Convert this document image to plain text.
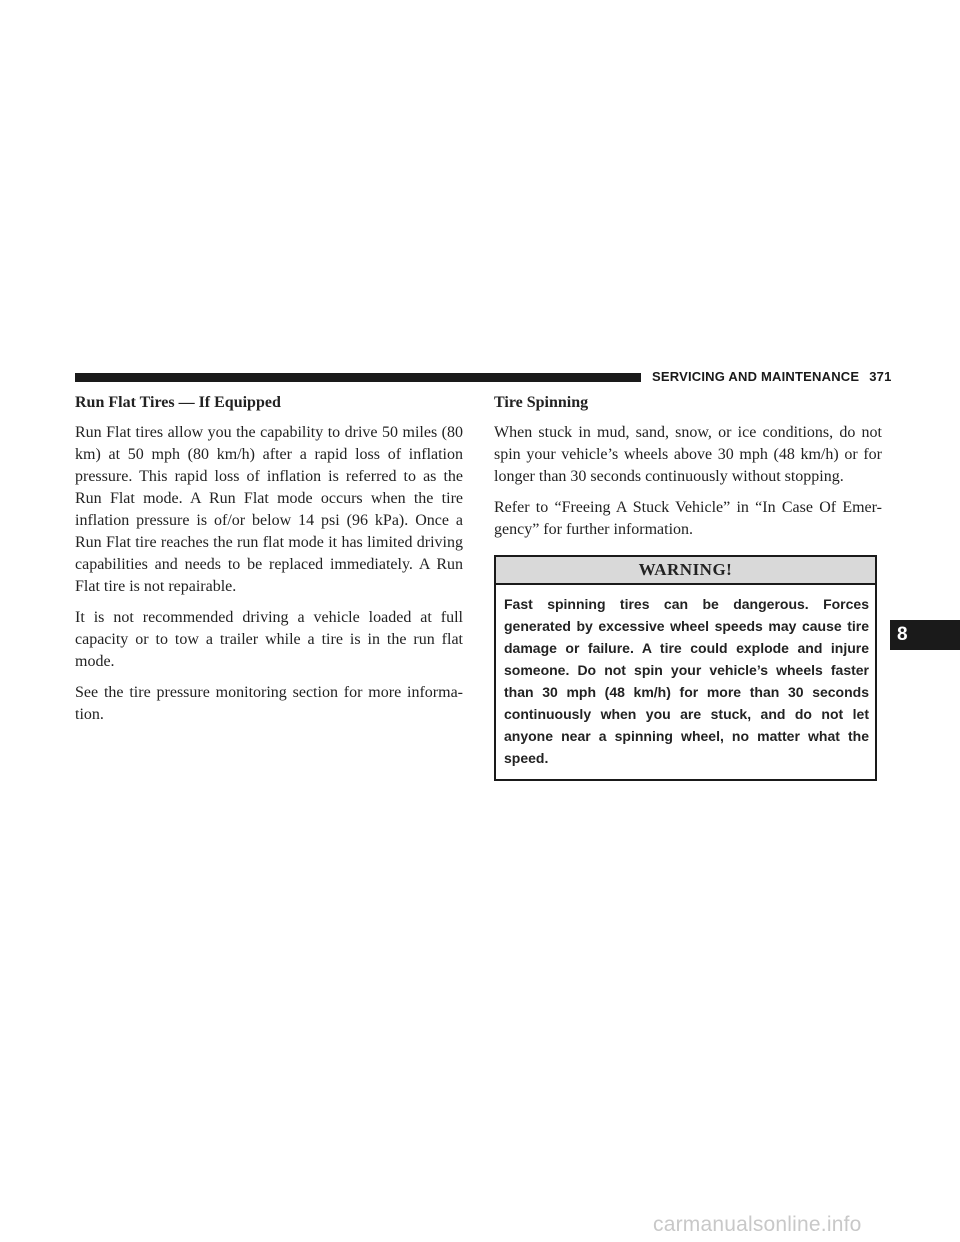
SERVICING AND MAINTENANCE 371
Run Flat Tires — If Equipped

Run Flat tires allow you the capability to drive 50 miles (80 km) at 50 mph (80 km/h) after a rapid loss of inflation pressure. This rapid loss of inflation is referred to as the Run Flat mode. A Run Flat mode occurs when the tire inflation pressure is of/or below 14 psi (96 kPa). Once a Run Flat tire reaches the run flat mode it has limited driving capabilities and needs to be replaced immediately. A Run Flat tire is not repairable.

It is not recommended driving a vehicle loaded at full capacity or to tow a trailer while a tire is in the run flat mode.

See the tire pressure monitoring section for more informa-tion.

Tire Spinning

When stuck in mud, sand, snow, or ice conditions, do not spin your vehicle’s wheels above 30 mph (48 km/h) or for longer than 30 seconds continuously without stopping.

Refer to “Freeing A Stuck Vehicle” in “In Case Of Emer-gency” for further information.

WARNING!
Fast spinning tires can be dangerous. Forces generated by excessive wheel speeds may cause tire damage or failure. A tire could explode and injure someone. Do not spin your vehicle’s wheels faster than 30 mph (48 km/h) for more than 30 seconds continuously when you are stuck, and do not let anyone near a spinning wheel, no matter what the speed.
8
carmanualsonline.info
